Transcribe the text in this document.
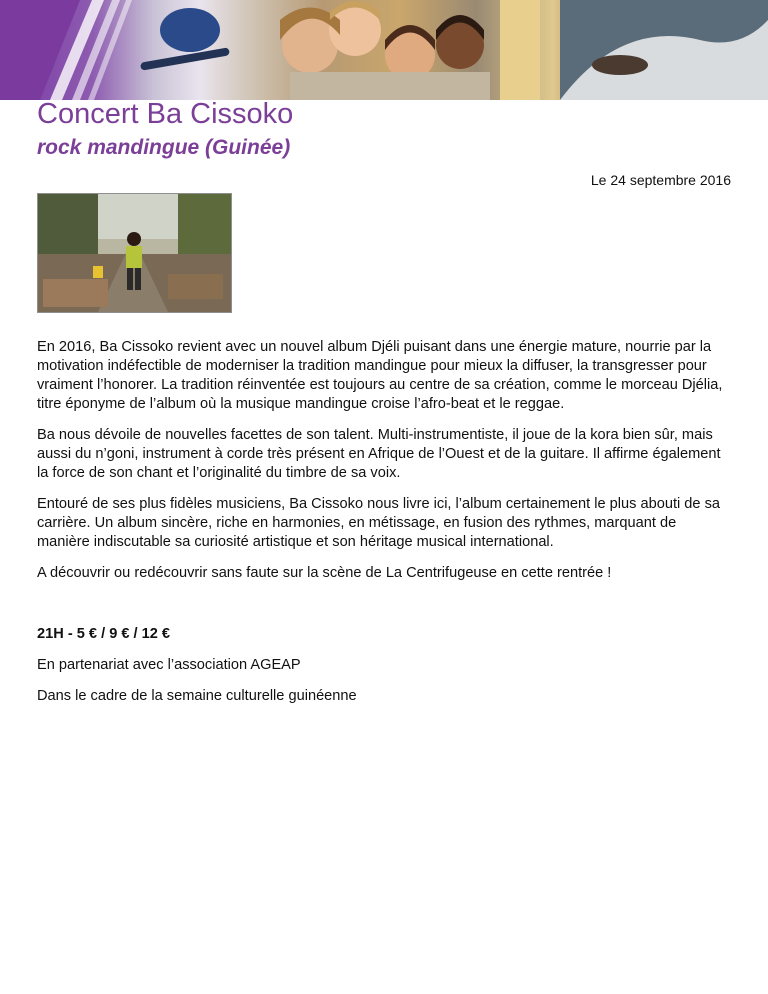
Concert Ba Cissoko
rock mandingue (Guinée)
Le 24 septembre 2016

En 2016, Ba Cissoko revient avec un nouvel album Djéli puisant dans une énergie mature, nourrie par la motivation indéfectible de moderniser la tradition mandingue pour mieux la diffuser, la transgresser pour vraiment l’honorer. La tradition réinventée est toujours au centre de sa création, comme le morceau Djélia, titre éponyme de l’album où la musique mandingue croise l’afro-beat et le reggae.

Ba nous dévoile de nouvelles facettes de son talent. Multi-instrumentiste, il joue de la kora bien sûr, mais aussi du n’goni, instrument à corde très présent en Afrique de l’Ouest et de la guitare. Il affirme également la force de son chant et l’originalité du timbre de sa voix.

Entouré de ses plus fidèles musiciens, Ba Cissoko nous livre ici, l’album certainement le plus abouti de sa carrière. Un album sincère, riche en harmonies, en métissage, en fusion des rythmes, marquant de manière indiscutable sa curiosité artistique et son héritage musical international.

A découvrir ou redécouvrir sans faute sur la scène de La Centrifugeuse en cette rentrée !

21H - 5 € / 9 € / 12 €

En partenariat avec l’association AGEAP

Dans le cadre de la semaine culturelle guinéenne
